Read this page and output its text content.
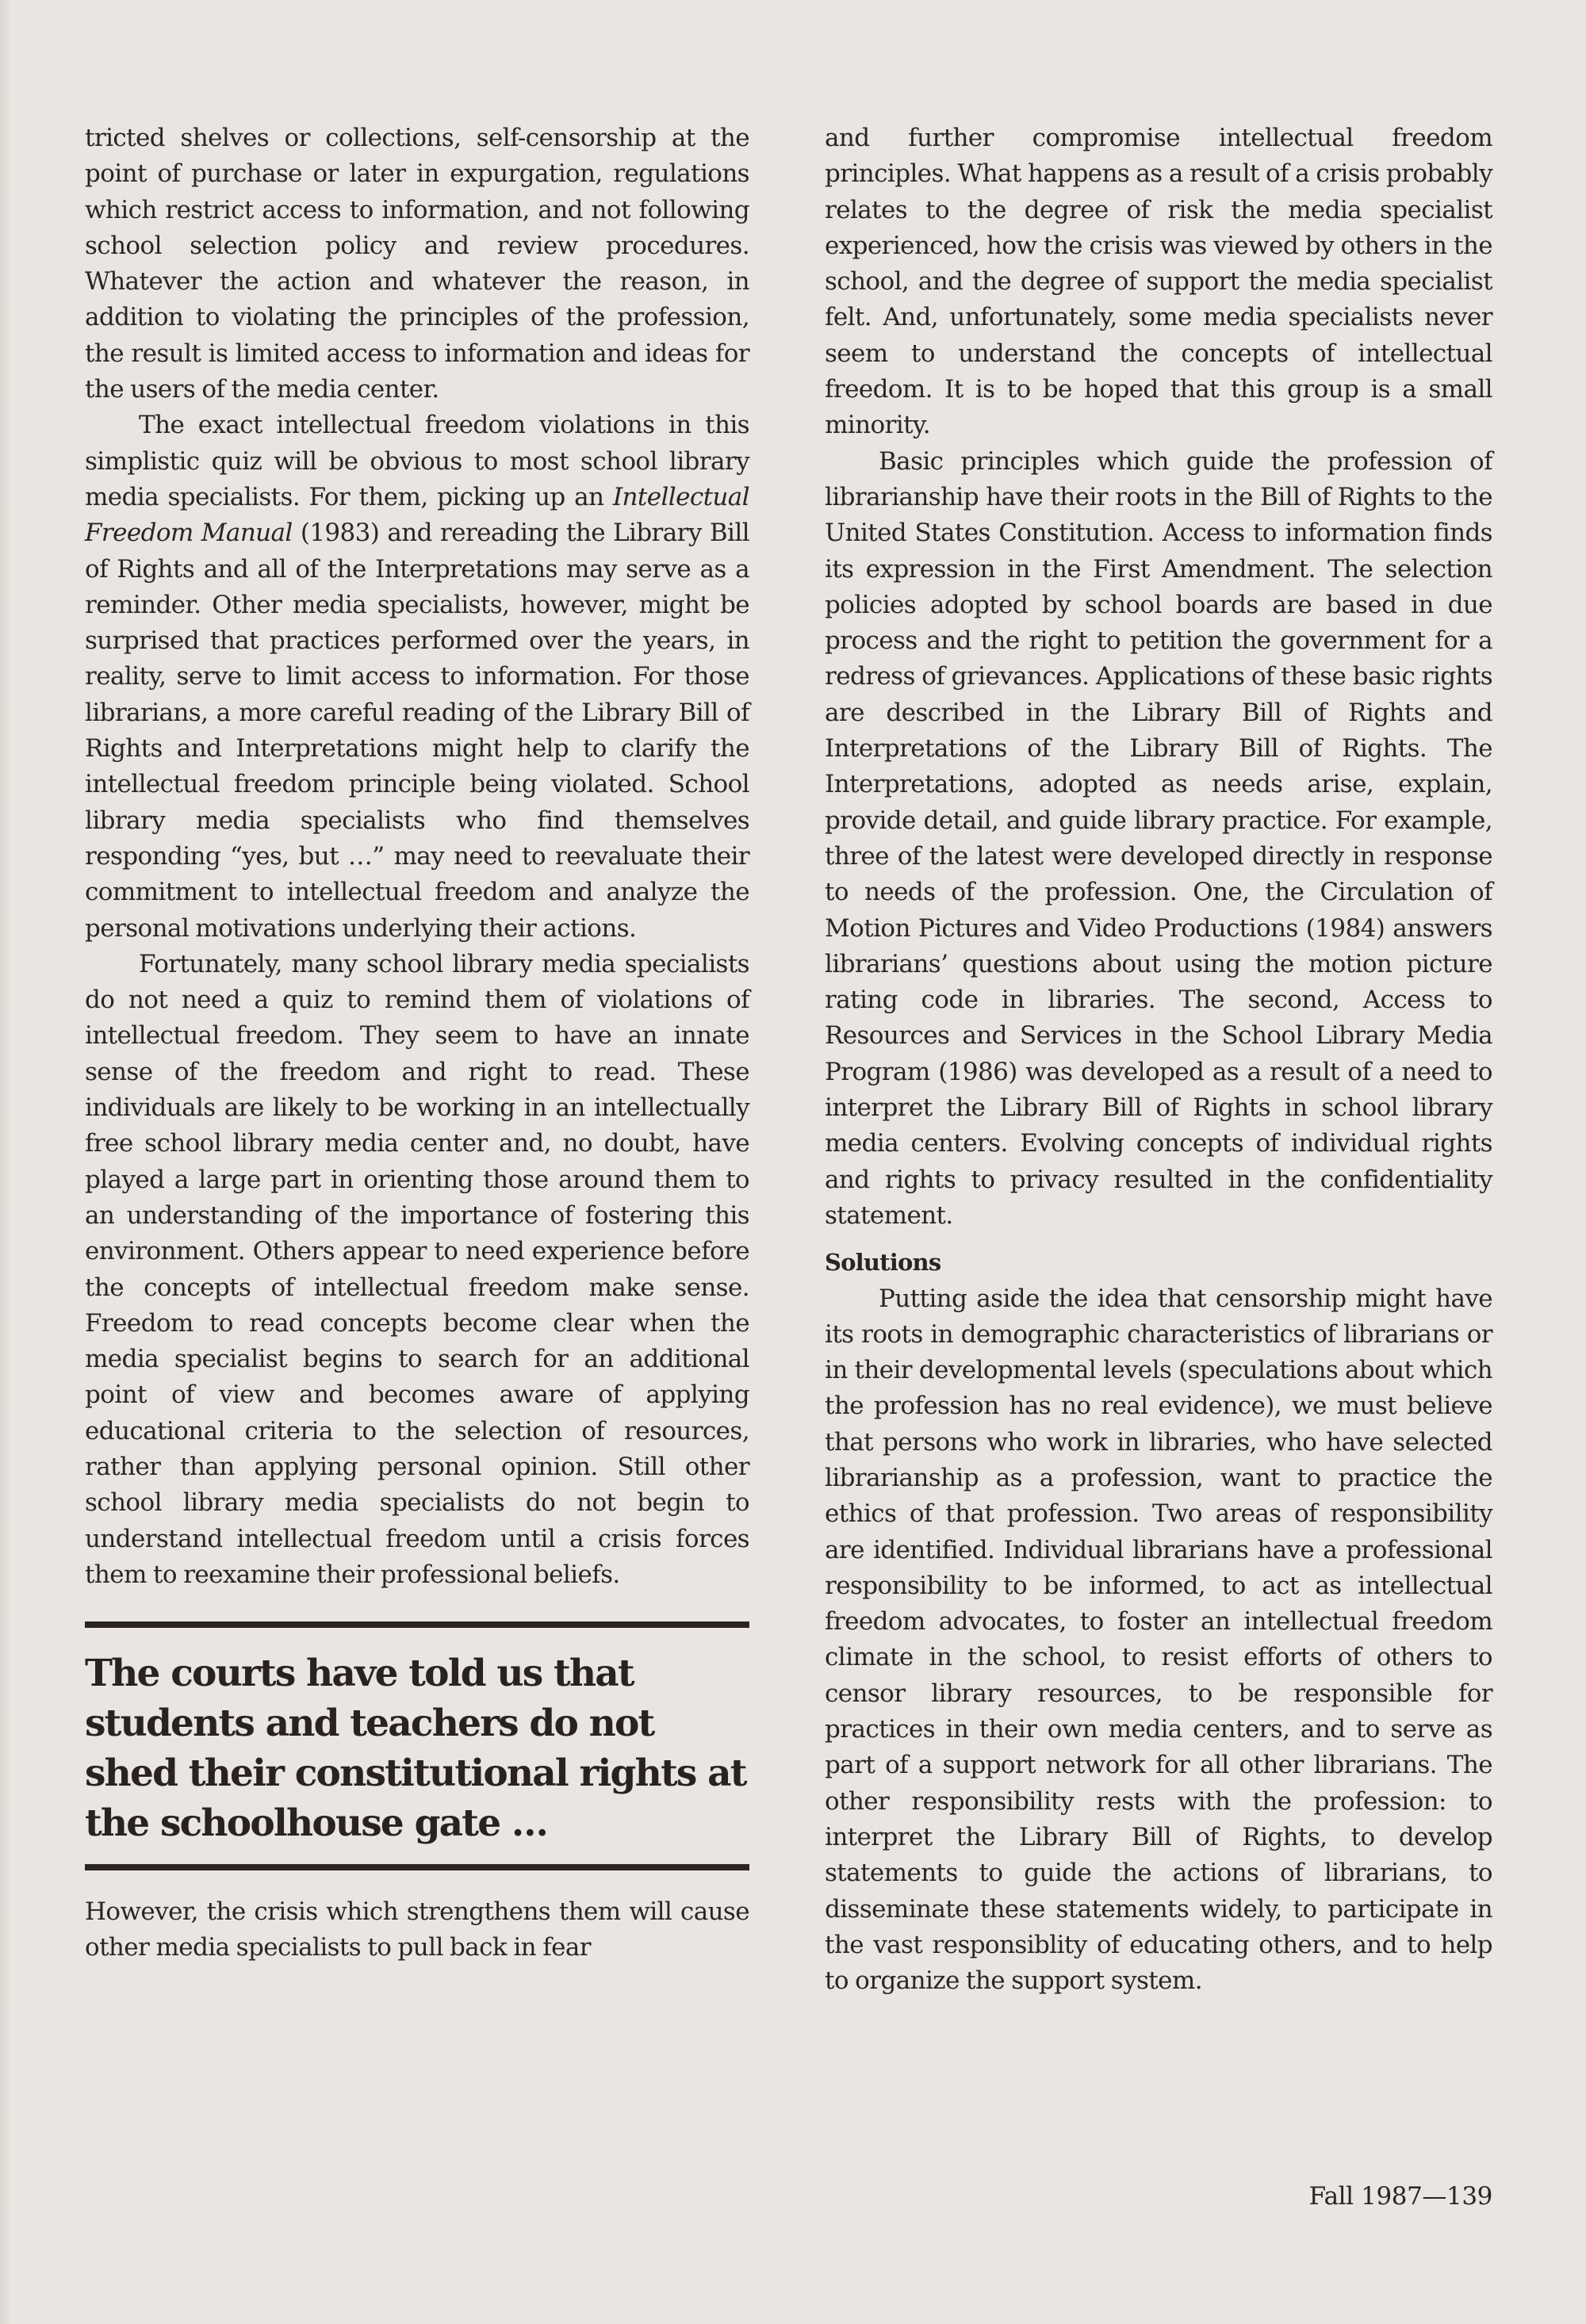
tricted shelves or collections, self-censorship at the point of purchase or later in expurgation, regulations which restrict access to information, and not following school selection policy and review procedures. Whatever the action and whatever the reason, in addition to violating the principles of the profession, the result is limited access to information and ideas for the users of the media center.

The exact intellectual freedom violations in this simplistic quiz will be obvious to most school library media specialists. For them, picking up an Intellectual Freedom Manual (1983) and rereading the Library Bill of Rights and all of the Interpretations may serve as a reminder. Other media specialists, however, might be surprised that practices performed over the years, in reality, serve to limit access to information. For those librarians, a more careful reading of the Library Bill of Rights and Interpretations might help to clarify the intellectual freedom principle being violated. School library media specialists who find themselves responding “yes, but …” may need to reevaluate their commitment to intellectual freedom and analyze the personal motivations underlying their actions.

Fortunately, many school library media specialists do not need a quiz to remind them of violations of intellectual freedom. They seem to have an innate sense of the freedom and right to read. These individuals are likely to be working in an intellectually free school library media center and, no doubt, have played a large part in orienting those around them to an understanding of the importance of fostering this environment. Others appear to need experience before the concepts of intellectual freedom make sense. Freedom to read concepts become clear when the media specialist begins to search for an additional point of view and becomes aware of applying educational criteria to the selection of resources, rather than applying personal opinion. Still other school library media specialists do not begin to understand intellectual freedom until a crisis forces them to reexamine their professional beliefs.

The courts have told us that students and teachers do not shed their constitutional rights at the schoolhouse gate …

However, the crisis which strengthens them will cause other media specialists to pull back in fear

and further compromise intellectual freedom principles. What happens as a result of a crisis probably relates to the degree of risk the media specialist experienced, how the crisis was viewed by others in the school, and the degree of support the media specialist felt. And, unfortunately, some media specialists never seem to understand the concepts of intellectual freedom. It is to be hoped that this group is a small minority.

Basic principles which guide the profession of librarianship have their roots in the Bill of Rights to the United States Constitution. Access to information finds its expression in the First Amendment. The selection policies adopted by school boards are based in due process and the right to petition the government for a redress of grievances. Applications of these basic rights are described in the Library Bill of Rights and Interpretations of the Library Bill of Rights. The Interpretations, adopted as needs arise, explain, provide detail, and guide library practice. For example, three of the latest were developed directly in response to needs of the profession. One, the Circulation of Motion Pictures and Video Productions (1984) answers librarians’ questions about using the motion picture rating code in libraries. The second, Access to Resources and Services in the School Library Media Program (1986) was developed as a result of a need to interpret the Library Bill of Rights in school library media centers. Evolving concepts of individual rights and rights to privacy resulted in the confidentiality statement.

Solutions

Putting aside the idea that censorship might have its roots in demographic characteristics of librarians or in their developmental levels (speculations about which the profession has no real evidence), we must believe that persons who work in libraries, who have selected librarianship as a profession, want to practice the ethics of that profession. Two areas of responsibility are identified. Individual librarians have a professional responsibility to be informed, to act as intellectual freedom advocates, to foster an intellectual freedom climate in the school, to resist efforts of others to censor library resources, to be responsible for practices in their own media centers, and to serve as part of a support network for all other librarians. The other responsibility rests with the profession: to interpret the Library Bill of Rights, to develop statements to guide the actions of librarians, to disseminate these statements widely, to participate in the vast responsiblity of educating others, and to help to organize the support system.

Fall 1987—139
